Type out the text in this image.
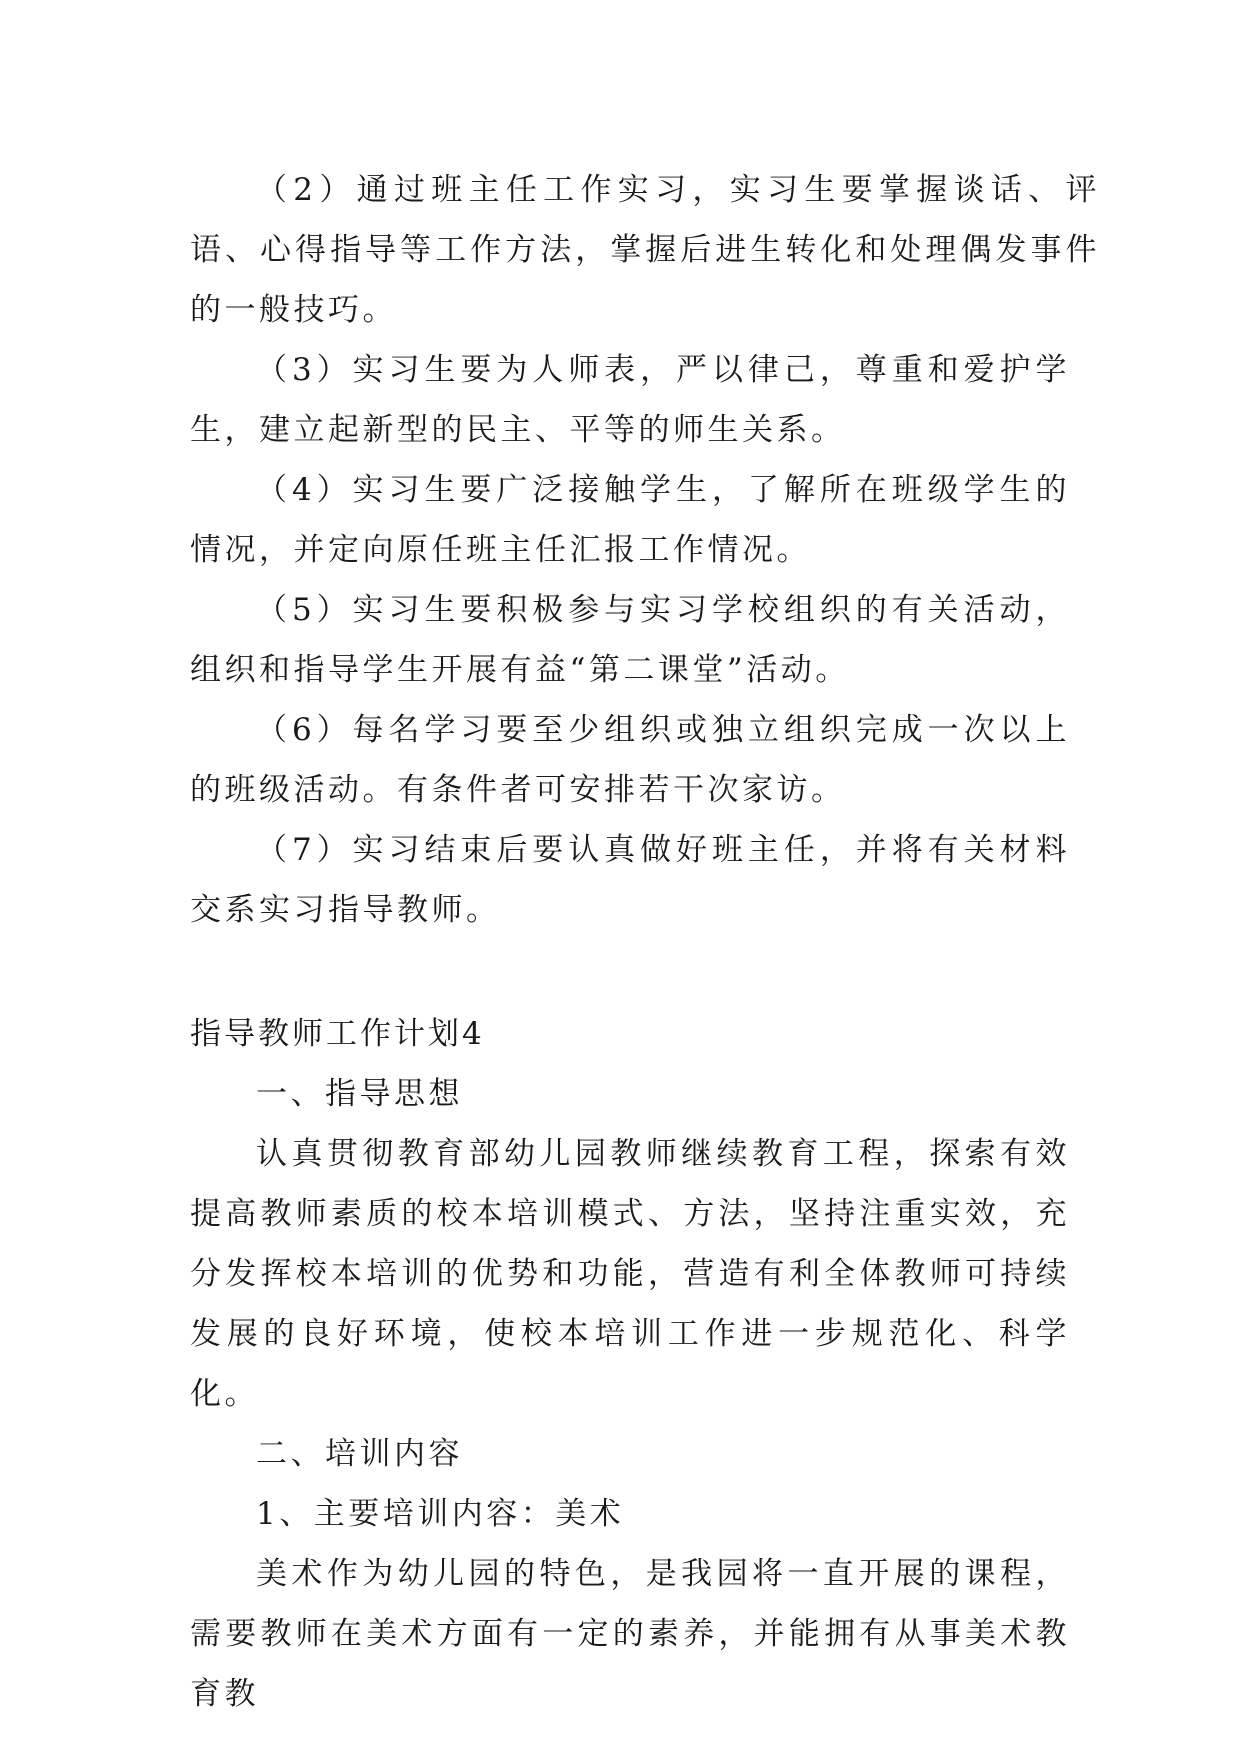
（2）通过班主任工作实习，实习生要掌握谈话、评语、心得指导等工作方法，掌握后进生转化和处理偶发事件的一般技巧。

（3）实习生要为人师表，严以律己，尊重和爱护学生，建立起新型的民主、平等的师生关系。

（4）实习生要广泛接触学生，了解所在班级学生的情况，并定向原任班主任汇报工作情况。

（5）实习生要积极参与实习学校组织的有关活动，组织和指导学生开展有益“第二课堂”活动。

（6）每名学习要至少组织或独立组织完成一次以上的班级活动。有条件者可安排若干次家访。

（7）实习结束后要认真做好班主任，并将有关材料交系实习指导教师。

指导教师工作计划4

一、指导思想

认真贯彻教育部幼儿园教师继续教育工程，探索有效提高教师素质的校本培训模式、方法，坚持注重实效，充分发挥校本培训的优势和功能，营造有利全体教师可持续发展的良好环境，使校本培训工作进一步规范化、科学化。

二、培训内容

1、主要培训内容：美术

美术作为幼儿园的特色，是我园将一直开展的课程，需要教师在美术方面有一定的素养，并能拥有从事美术教育教
